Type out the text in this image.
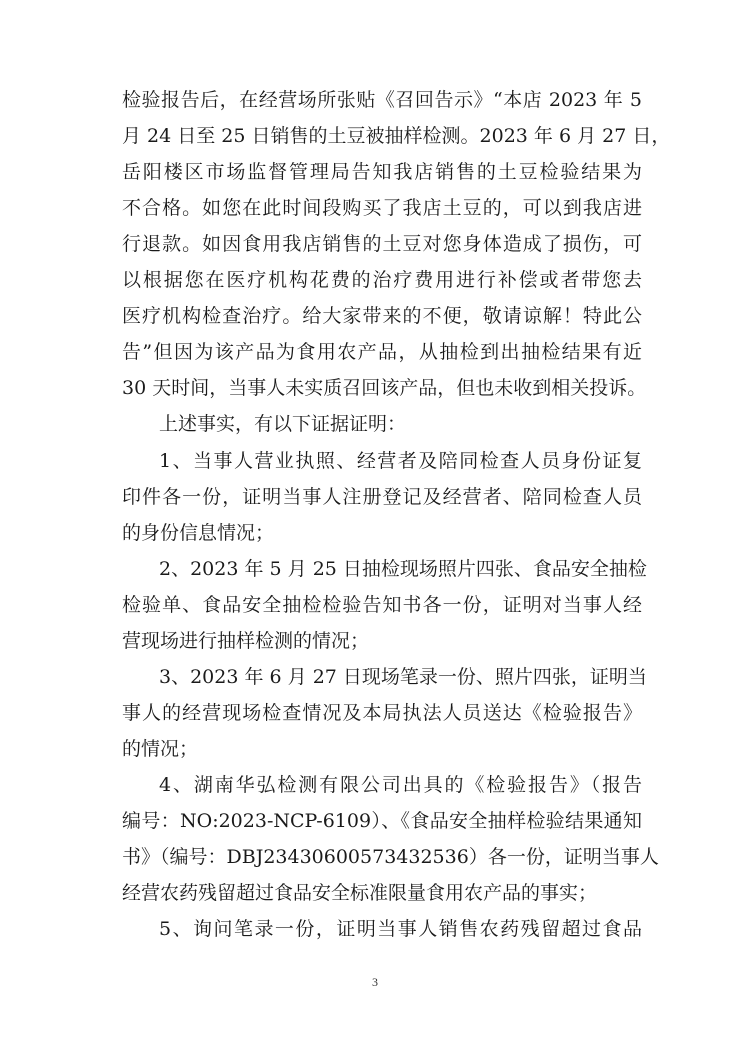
检验报告后，在经营场所张贴《召回告示》“本店 2023 年 5
月 24 日至 25 日销售的土豆被抽样检测。2023 年 6 月 27 日，
岳阳楼区市场监督管理局告知我店销售的土豆检验结果为
不合格。如您在此时间段购买了我店土豆的，可以到我店进
行退款。如因食用我店销售的土豆对您身体造成了损伤，可
以根据您在医疗机构花费的治疗费用进行补偿或者带您去
医疗机构检查治疗。给大家带来的不便，敬请谅解！特此公
告”但因为该产品为食用农产品，从抽检到出抽检结果有近
30 天时间，当事人未实质召回该产品，但也未收到相关投诉。
上述事实，有以下证据证明：
1、当事人营业执照、经营者及陪同检查人员身份证复
印件各一份，证明当事人注册登记及经营者、陪同检查人员
的身份信息情况；
2、2023 年 5 月 25 日抽检现场照片四张、食品安全抽检
检验单、食品安全抽检检验告知书各一份，证明对当事人经
营现场进行抽样检测的情况；
3、2023 年 6 月 27 日现场笔录一份、照片四张，证明当
事人的经营现场检查情况及本局执法人员送达《检验报告》
的情况；
4、湖南华弘检测有限公司出具的《检验报告》（报告
编号：NO:2023-NCP-6109）、《食品安全抽样检验结果通知
书》（编号：DBJ23430600573432536）各一份，证明当事人
经营农药残留超过食品安全标准限量食用农产品的事实；
5、询问笔录一份，证明当事人销售农药残留超过食品
3
